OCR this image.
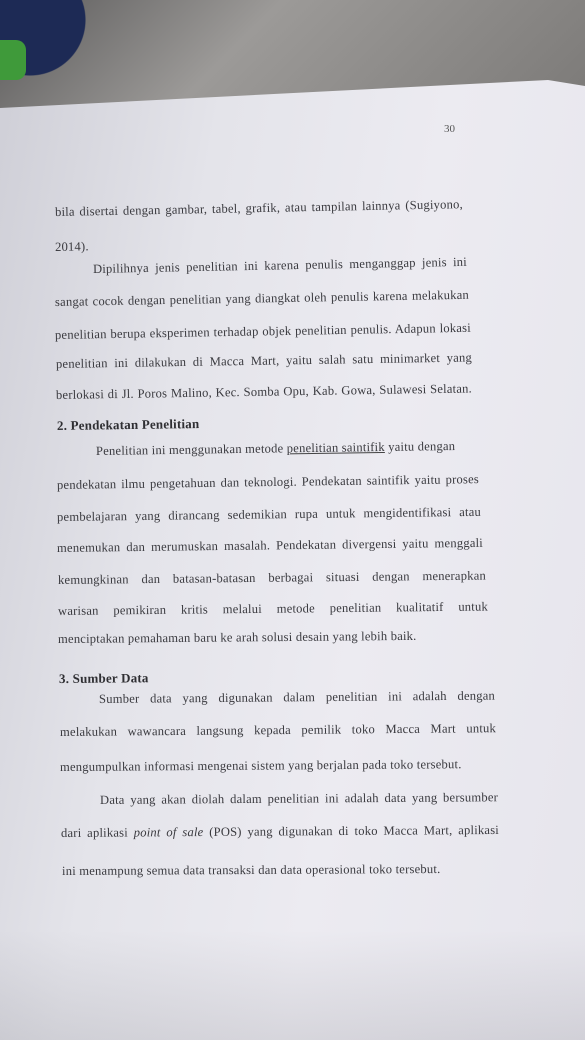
30
bila disertai dengan gambar, tabel, grafik, atau tampilan lainnya (Sugiyono,
2014).
Dipilihnya jenis penelitian ini karena penulis menganggap jenis ini
sangat cocok dengan penelitian yang diangkat oleh penulis karena melakukan
penelitian berupa eksperimen terhadap objek penelitian penulis. Adapun lokasi
penelitian ini dilakukan di Macca Mart, yaitu salah satu minimarket yang
berlokasi di Jl. Poros Malino, Kec. Somba Opu, Kab. Gowa, Sulawesi Selatan.
2. Pendekatan Penelitian
Penelitian ini menggunakan metode penelitian saintifik yaitu dengan
pendekatan ilmu pengetahuan dan teknologi. Pendekatan saintifik yaitu proses
pembelajaran yang dirancang sedemikian rupa untuk mengidentifikasi atau
menemukan dan merumuskan masalah. Pendekatan divergensi yaitu menggali
kemungkinan dan batasan-batasan berbagai situasi dengan menerapkan
warisan pemikiran kritis melalui metode penelitian kualitatif untuk
menciptakan pemahaman baru ke arah solusi desain yang lebih baik.
3. Sumber Data
Sumber data yang digunakan dalam penelitian ini adalah dengan
melakukan wawancara langsung kepada pemilik toko Macca Mart untuk
mengumpulkan informasi mengenai sistem yang berjalan pada toko tersebut.
Data yang akan diolah dalam penelitian ini adalah data yang bersumber
dari aplikasi point of sale (POS) yang digunakan di toko Macca Mart, aplikasi
ini menampung semua data transaksi dan data operasional toko tersebut.
